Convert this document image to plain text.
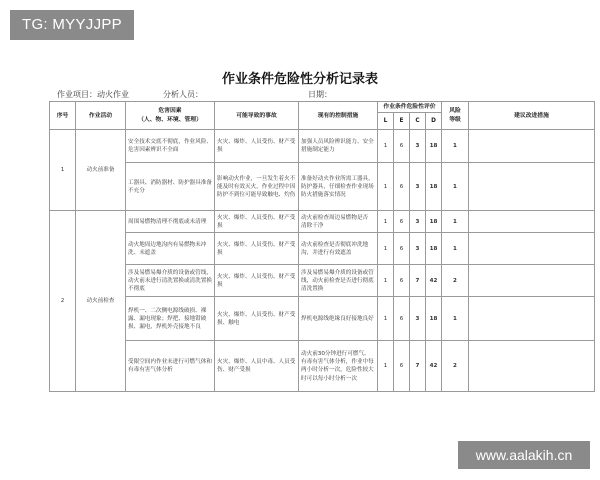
TG: MYYJJPP
作业条件危险性分析记录表
作业项目：动火作业	分析人员：	日期：
序号	作业活动	危害因素
（人、物、环境、管理）	可能导致的事故	现有的控制措施	作业条件危险性评价				风险
等级	建议改进措施
					L	E	C	D		
1	动火前准备	安全技术交底不彻底，作业风险、危害因素辨识不全面	火灾、爆炸、人员受伤、财产受损	加强人员风险辨识能力、安全措施制定能力	1	6	3	18	1	
		工器具、消防器材、防护器具准备不充分	影响动火作业，一旦发生着火不能及时有效灭火，作业过程中因防护不到位可能导致触电、灼伤	准备好动火作业所需工器具，防护器具，仔细检查作业现场防火措施落实情况	1	6	3	18	1	
2	动火前检查	周围易燃物清理不彻底或未清理	火灾、爆炸、人员受伤、财产受损	动火前检查周边易燃物是否 清除干净	1	6	3	18	1	
		动火地周边地沟内有易燃物未冲洗、未遮盖	火灾、爆炸、人员受伤、财产受损	动火前检查是否彻底冲洗地沟，并进行有效遮盖	1	6	3	18	1	
		涉及易燃易爆介质的设备或管线，动火前未进行清洗置换或清洗置换不彻底	火灾、爆炸、人员受伤、财产受损	涉及易燃易爆介质的设备或管线，动火前检查是否进行彻底清洗置换	1	6	7	42	2	
		焊机一、二次侧电源线破损、裸露、漏电现象；焊把、接地钳破损、漏电，焊机外壳接地不良	火灾、爆炸、人员受伤、财产受损、触电	焊机电源线绝缘良好接地良好	1	6	3	18	1	
		受限空间内作业未进行可燃气体和有毒有害气体分析	火灾、爆炸、人员中毒、人员受伤、财产受损	动火前30分钟进行可燃气、有毒有害气体分析，作业中每两小时分析一次，危险性较大时可以每小时分析一次	1	6	7	42	2	
www.aalakih.cn
